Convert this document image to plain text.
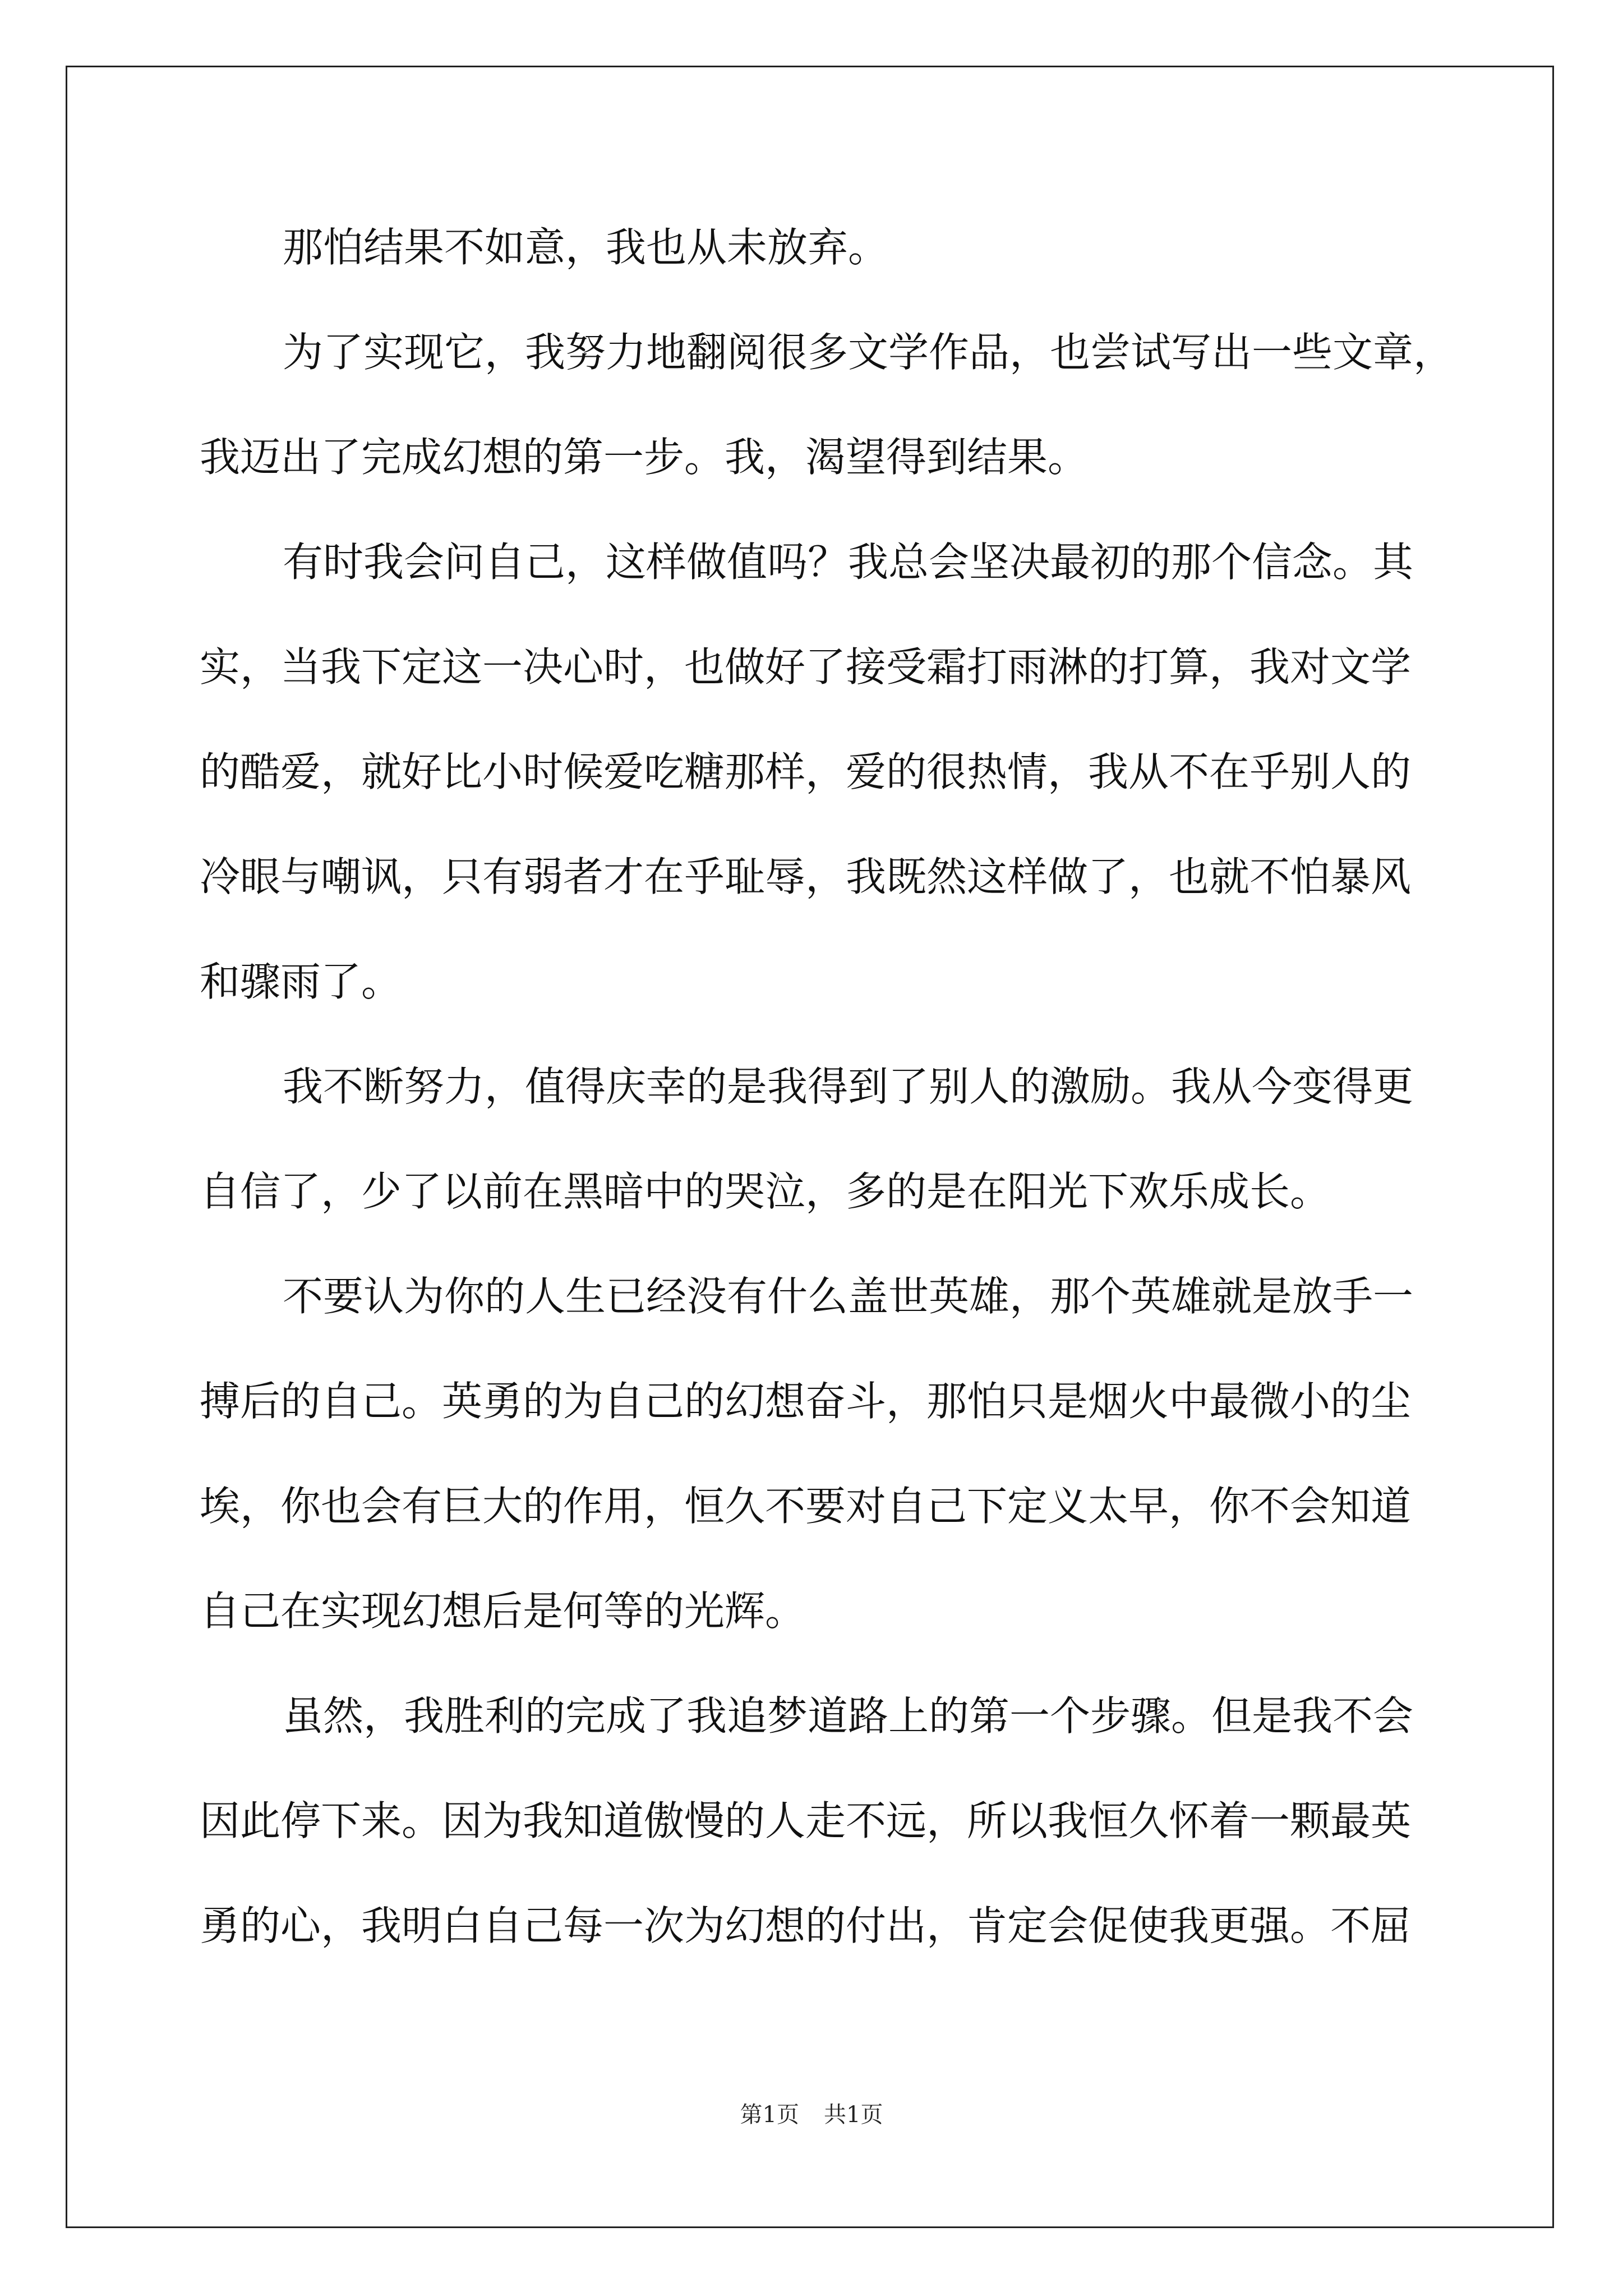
那怕结果不如意，我也从未放弃。
为了实现它，我努力地翻阅很多文学作品，也尝试写出一些文章，
我迈出了完成幻想的第一步。我，渴望得到结果。
有时我会问自己，这样做值吗？我总会坚决最初的那个信念。其
实，当我下定这一决心时，也做好了接受霜打雨淋的打算，我对文学
的酷爱，就好比小时候爱吃糖那样，爱的很热情，我从不在乎别人的
冷眼与嘲讽，只有弱者才在乎耻辱，我既然这样做了，也就不怕暴风
和骤雨了。
我不断努力，值得庆幸的是我得到了别人的激励。我从今变得更
自信了，少了以前在黑暗中的哭泣，多的是在阳光下欢乐成长。
不要认为你的人生已经没有什么盖世英雄，那个英雄就是放手一
搏后的自己。英勇的为自己的幻想奋斗，那怕只是烟火中最微小的尘
埃，你也会有巨大的作用，恒久不要对自己下定义太早，你不会知道
自己在实现幻想后是何等的光辉。
虽然，我胜利的完成了我追梦道路上的第一个步骤。但是我不会
因此停下来。因为我知道傲慢的人走不远，所以我恒久怀着一颗最英
勇的心，我明白自己每一次为幻想的付出，肯定会促使我更强。不屈
第1页 共1页
